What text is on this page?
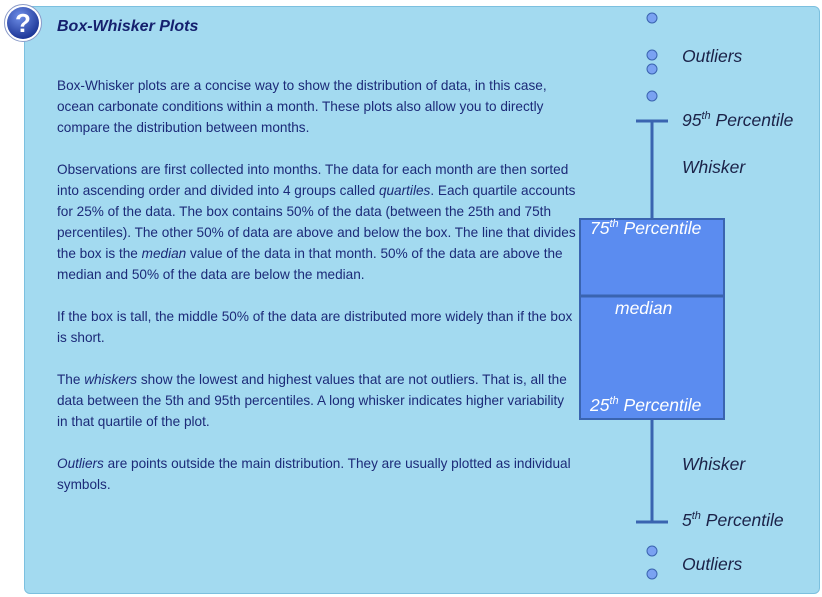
? Box-Whisker Plots

Box-Whisker plots are a concise way to show the distribution of data, in this case, ocean carbonate conditions within a month. These plots also allow you to directly compare the distribution between months.

Observations are first collected into months. The data for each month are then sorted into ascending order and divided into 4 groups called quartiles. Each quartile accounts for 25% of the data. The box contains 50% of the data (between the 25th and 75th percentiles). The other 50% of data are above and below the box. The line that divides the box is the median value of the data in that month. 50% of the data are above the median and 50% of the data are below the median.

If the box is tall, the middle 50% of the data are distributed more widely than if the box is short.

The whiskers show the lowest and highest values that are not outliers. That is, all the data between the 5th and 95th percentiles. A long whisker indicates higher variability in that quartile of the plot.

Outliers are points outside the main distribution. They are usually plotted as individual symbols.

Outliers
95th Percentile
Whisker
75th Percentile
median
25th Percentile
Whisker
5th Percentile
Outliers
